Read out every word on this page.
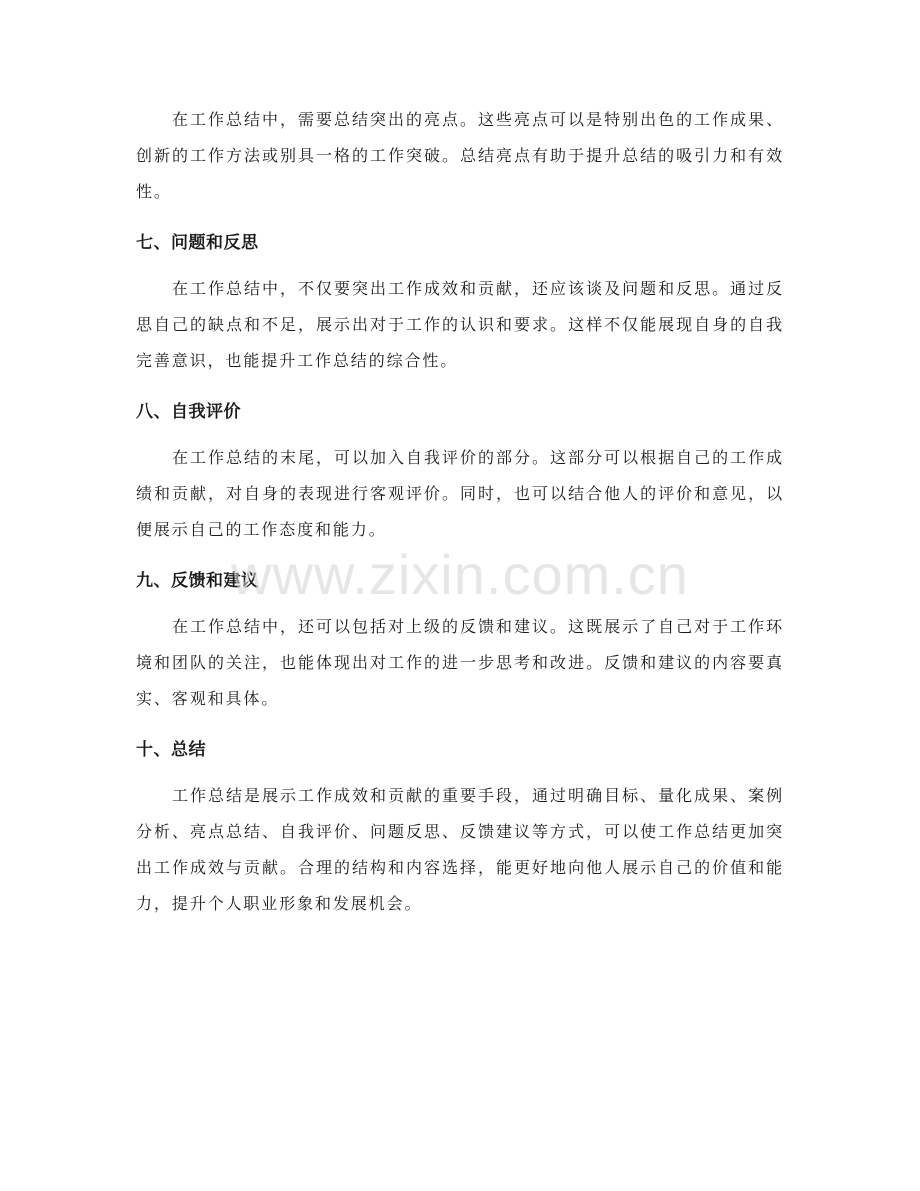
在工作总结中，需要总结突出的亮点。这些亮点可以是特别出色的工作成果、创新的工作方法或别具一格的工作突破。总结亮点有助于提升总结的吸引力和有效性。

七、问题和反思

在工作总结中，不仅要突出工作成效和贡献，还应该谈及问题和反思。通过反思自己的缺点和不足，展示出对于工作的认识和要求。这样不仅能展现自身的自我完善意识，也能提升工作总结的综合性。

八、自我评价

在工作总结的末尾，可以加入自我评价的部分。这部分可以根据自己的工作成绩和贡献，对自身的表现进行客观评价。同时，也可以结合他人的评价和意见，以便展示自己的工作态度和能力。

九、反馈和建议

在工作总结中，还可以包括对上级的反馈和建议。这既展示了自己对于工作环境和团队的关注，也能体现出对工作的进一步思考和改进。反馈和建议的内容要真实、客观和具体。

十、总结

工作总结是展示工作成效和贡献的重要手段，通过明确目标、量化成果、案例分析、亮点总结、自我评价、问题反思、反馈建议等方式，可以使工作总结更加突出工作成效与贡献。合理的结构和内容选择，能更好地向他人展示自己的价值和能力，提升个人职业形象和发展机会。

www.zixin.com.cn
